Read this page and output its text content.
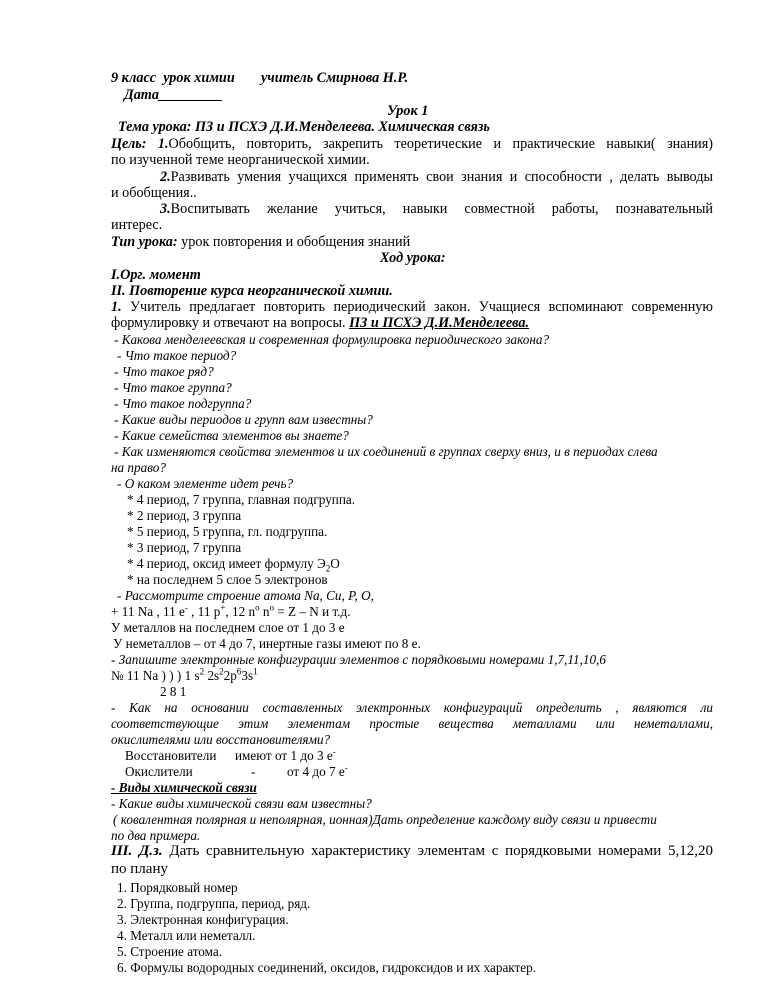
9 класс урок химии учитель Смирнова Н.Р.
Дата_________
Урок 1
Тема урока: ПЗ и ПСХЭ Д.И.Менделеева. Химическая связь
Цель: 1.Обобщить, повторить, закрепить теоретические и практические навыки( знания)
по изученной теме неорганической химии.
2.Развивать умения учащихся применять свои знания и способности , делать выводы
и обобщения..
3.Воспитывать желание учиться, навыки совместной работы, познавательный
интерес.
Тип урока: урок повторения и обобщения знаний
Ход урока:
I.Орг. момент
II. Повторение курса неорганической химии.
1. Учитель предлагает повторить периодический закон. Учащиеся вспоминают современную
формулировку и отвечают на вопросы. ПЗ и ПСХЭ Д.И.Менделеева.
- Какова менделеевская и современная формулировка периодического закона?
- Что такое период?
- Что такое ряд?
- Что такое группа?
- Что такое подгруппа?
- Какие виды периодов и групп вам известны?
- Какие семейства элементов вы знаете?
- Как изменяются свойства элементов и их соединений в группах сверху вниз, и в периодах слева
на право?
- О каком элементе идет речь?
* 4 период, 7 группа, главная подгруппа.
* 2 период, 3 группа
* 5 период, 5 группа, гл. подгруппа.
* 3 период, 7 группа
* 4 период, оксид имеет формулу $Э_2О$
* на последнем 5 слое 5 электронов
- Рассмотрите строение атома Na, Cu, P, O,
+ 11 Na , 11 е- , 11 p+, 12 $n^o$ $n^o = Z - N$ и т.д.
У металлов на последнем слое от 1 до 3 е
У неметаллов – от 4 до 7, инертные газы имеют по 8 е.
- Запишите электронные конфигурации элементов с порядковыми номерами 1,7,11,10,6
№ 11 Na ) ) ) 1 $s^2$ $2s^22p^63s^1$
2 8 1
- Как на основании составленных электронных конфигураций определить , являются ли
соответствующие этим элементам простые вещества металлами или неметаллами,
окислителями или восстановителями?
Восстановители имеют от 1 до 3 е-
Окислители	- от 4 до 7 е-
- Виды химической связи
- Какие виды химической связи вам известны?
( ковалентная полярная и неполярная, ионная)Дать определение каждому виду связи и привести
по два примера.
III. Д.з. Дать сравнительную характеристику элементам с порядковыми номерами 5,12,20
по плану
1. Порядковый номер
2. Группа, подгруппа, период, ряд.
3. Электронная конфигурация.
4. Металл или неметалл.
5. Строение атома.
6. Формулы водородных соединений, оксидов, гидроксидов и их характер.
